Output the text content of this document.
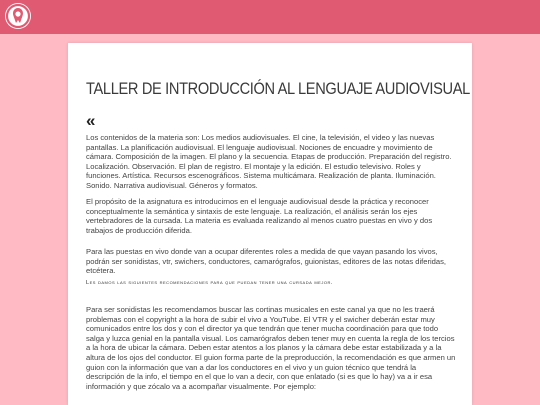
TALLER DE INTRODUCCIÓN AL LENGUAJE AUDIOVISUAL
«
Los contenidos de la materia son: Los medios audiovisuales. El cine, la televisión, el video y las nuevas pantallas. La planificación audiovisual. El lenguaje audiovisual. Nociones de encuadre y movimiento de cámara. Composición de la imagen. El plano y la secuencia. Etapas de producción. Preparación del registro. Localización. Observación. El plan de registro. El montaje y la edición. El estudio televisivo. Roles y funciones. Artística. Recursos escenográficos. Sistema multicámara. Realización de planta. Iluminación. Sonido. Narrativa audiovisual. Géneros y formatos.
El propósito de la asignatura es introducirnos en el lenguaje audiovisual desde la práctica y reconocer conceptualmente la semántica y sintaxis de este lenguaje. La realización, el análisis serán los ejes vertebradores de la cursada. La materia es evaluada realizando al menos cuatro puestas en vivo y dos trabajos de producción diferida.
Para las puestas en vivo donde van a ocupar diferentes roles a medida de que vayan pasando los vivos, podrán ser sonidistas, vtr, swichers, conductores, camarógrafos, guionistas, editores de las notas diferidas, etcétera.
Les damos las siguientes recomendaciones para que puedan tener una cursada mejor.
Para ser sonidistas les recomendamos buscar las cortinas musicales en este canal ya que no les traerá problemas con el copyright a la hora de subir el vivo a YouTube. El VTR y el swicher deberán estar muy comunicados entre los dos y con el director ya que tendrán que tener mucha coordinación para que todo salga y luzca genial en la pantalla visual. Los camarógrafos deben tener muy en cuenta la regla de los tercios a la hora de ubicar la cámara. Deben estar atentos a los planos y la cámara debe estar estabilizada y a la altura de los ojos del conductor. El guion forma parte de la preproducción, la recomendación es que armen un guion con la información que van a dar los conductores en el vivo y un guion técnico que tendrá la descripción de la info, el tiempo en el que lo van a decir, con que enlatado (si es que lo hay) va a ir esa información y que zócalo va a acompañar visualmente. Por ejemplo:
